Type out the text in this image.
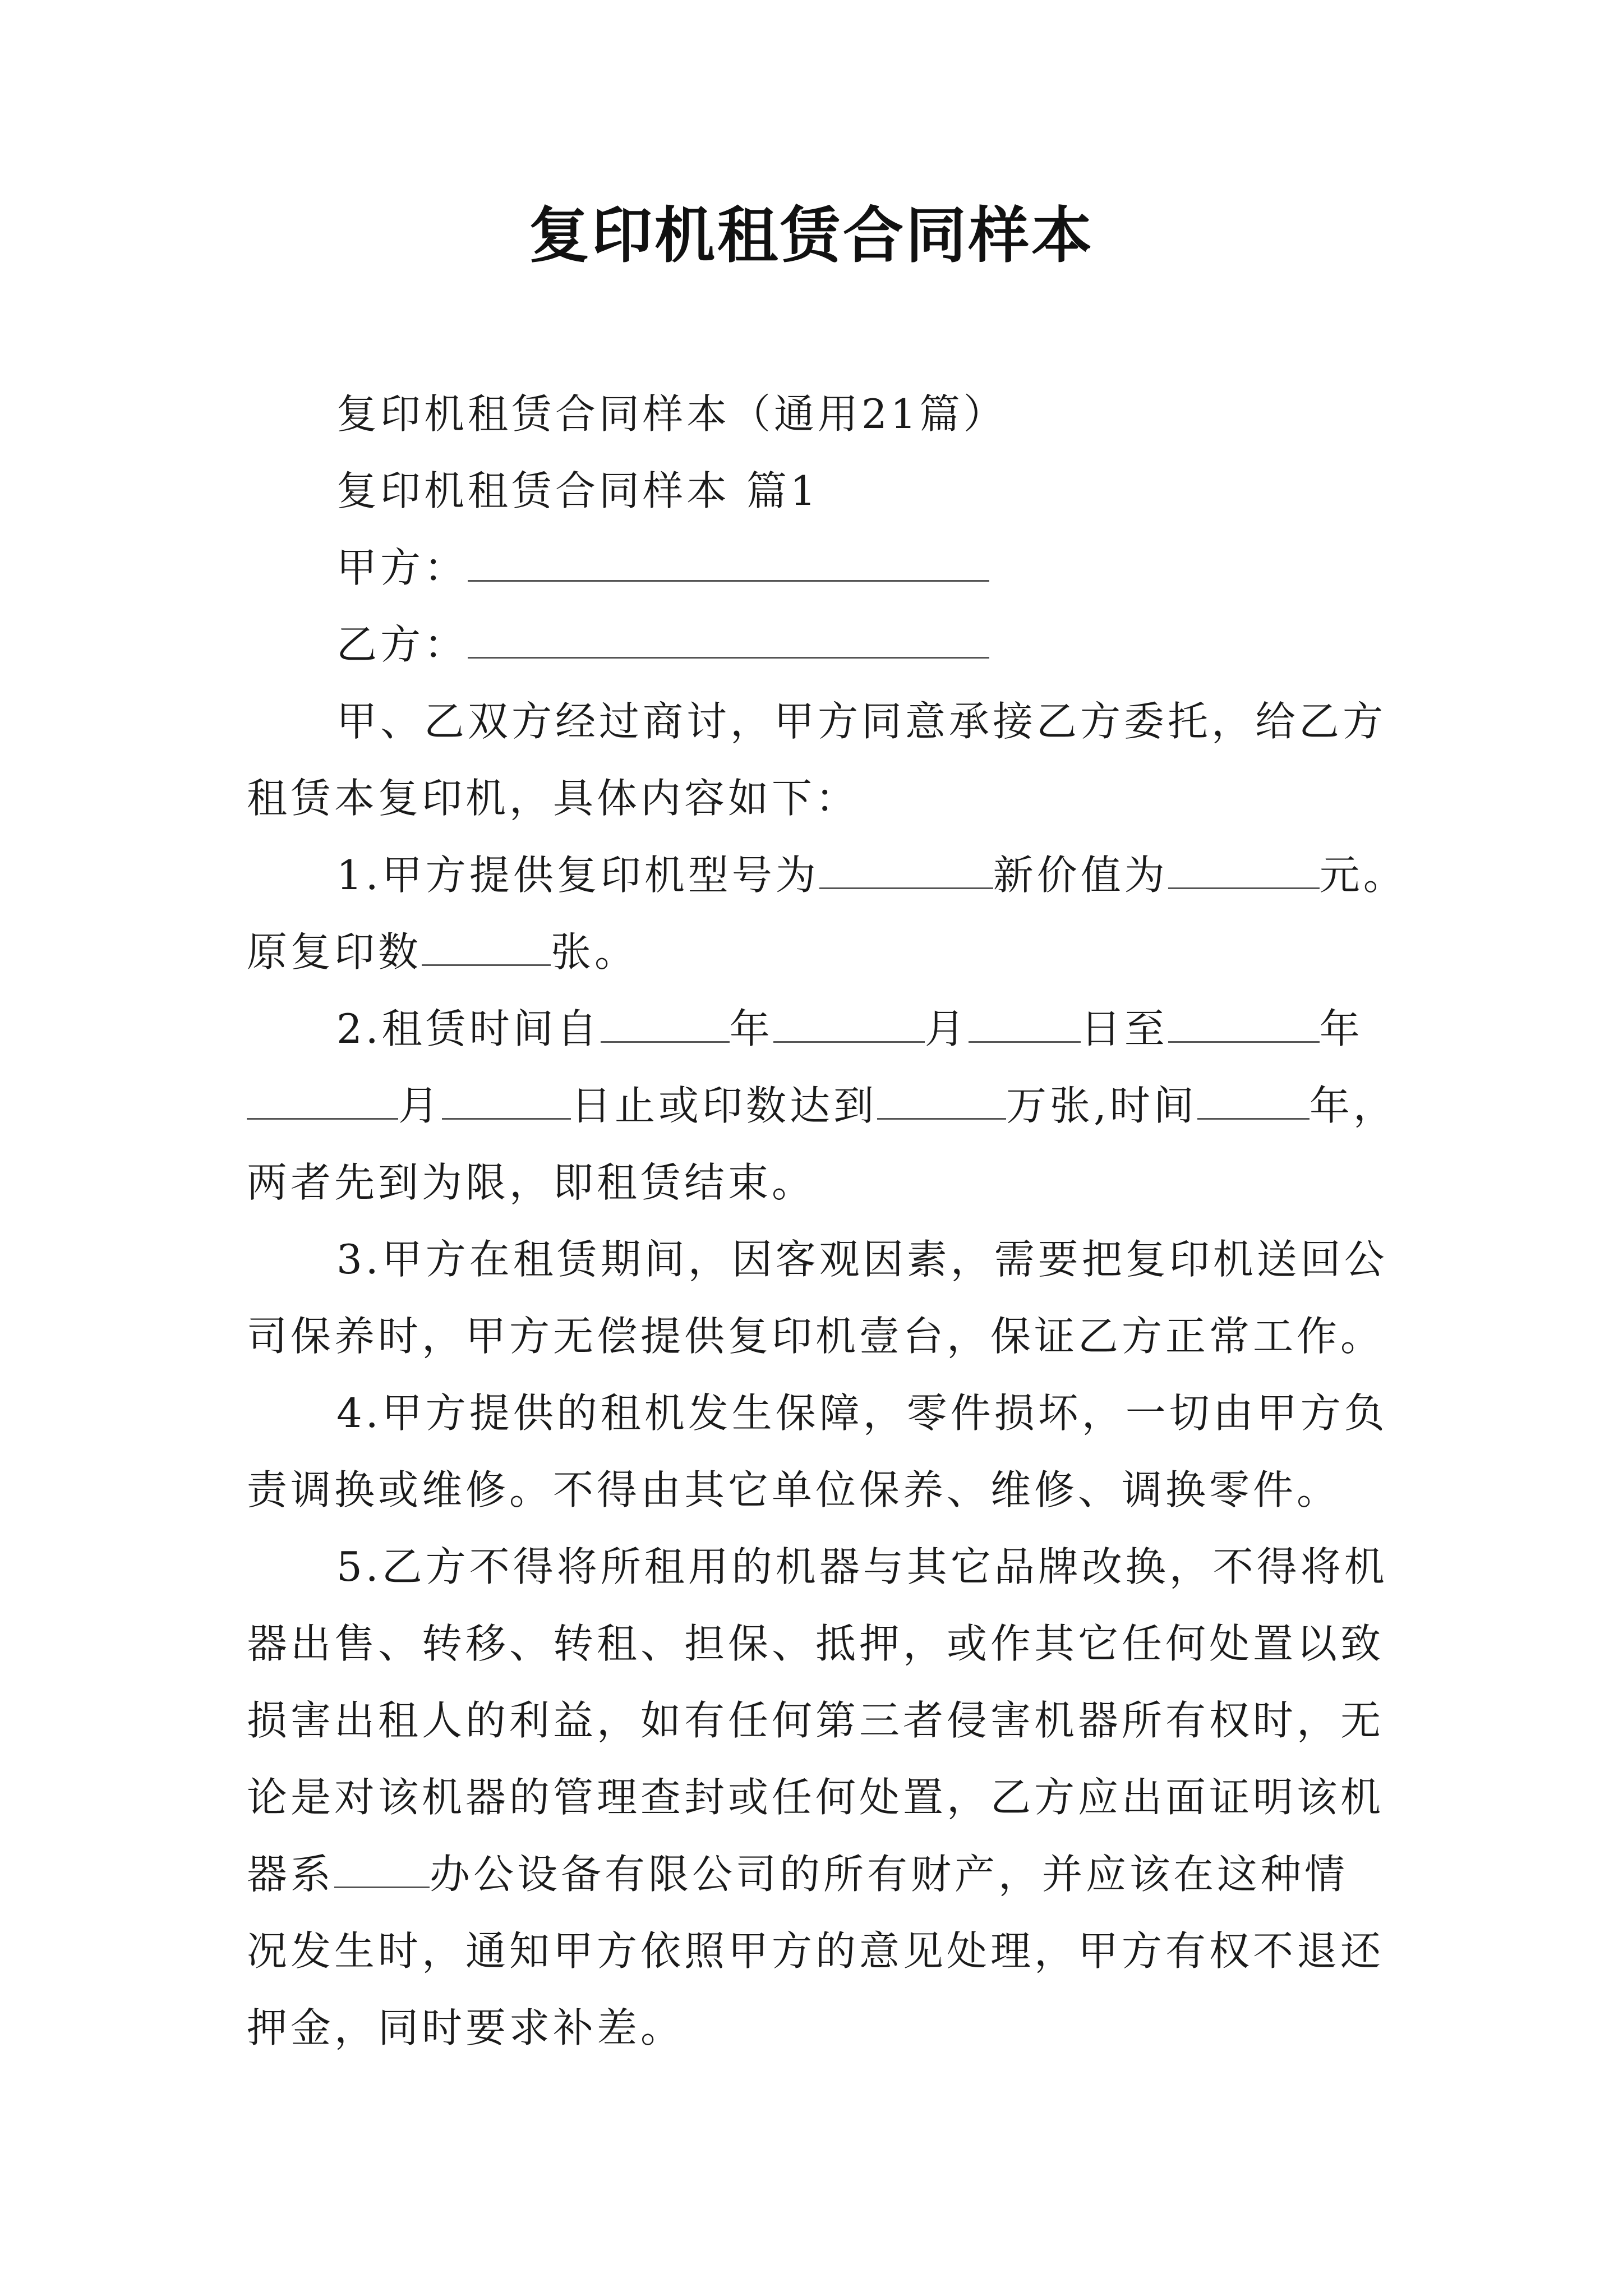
复印机租赁合同样本
复印机租赁合同样本（通用21篇）
复印机租赁合同样本 篇1
甲方：
乙方：
甲、乙双方经过商讨，甲方同意承接乙方委托，给乙方
租赁本复印机，具体内容如下：
1.甲方提供复印机型号为	新价值为	元。
原复印数	张。
2.租赁时间自	年	月	日至	年
月	日止或印数达到	万张,时间	年，
两者先到为限，即租赁结束。
3.甲方在租赁期间，因客观因素，需要把复印机送回公
司保养时，甲方无偿提供复印机壹台，保证乙方正常工作。
4.甲方提供的租机发生保障，零件损坏，一切由甲方负
责调换或维修。不得由其它单位保养、维修、调换零件。
5.乙方不得将所租用的机器与其它品牌改换，不得将机
器出售、转移、转租、担保、抵押，或作其它任何处置以致
损害出租人的利益，如有任何第三者侵害机器所有权时，无
论是对该机器的管理查封或任何处置，乙方应出面证明该机
器系 办公设备有限公司的所有财产，并应该在这种情
况发生时，通知甲方依照甲方的意见处理，甲方有权不退还
押金，同时要求补差。
